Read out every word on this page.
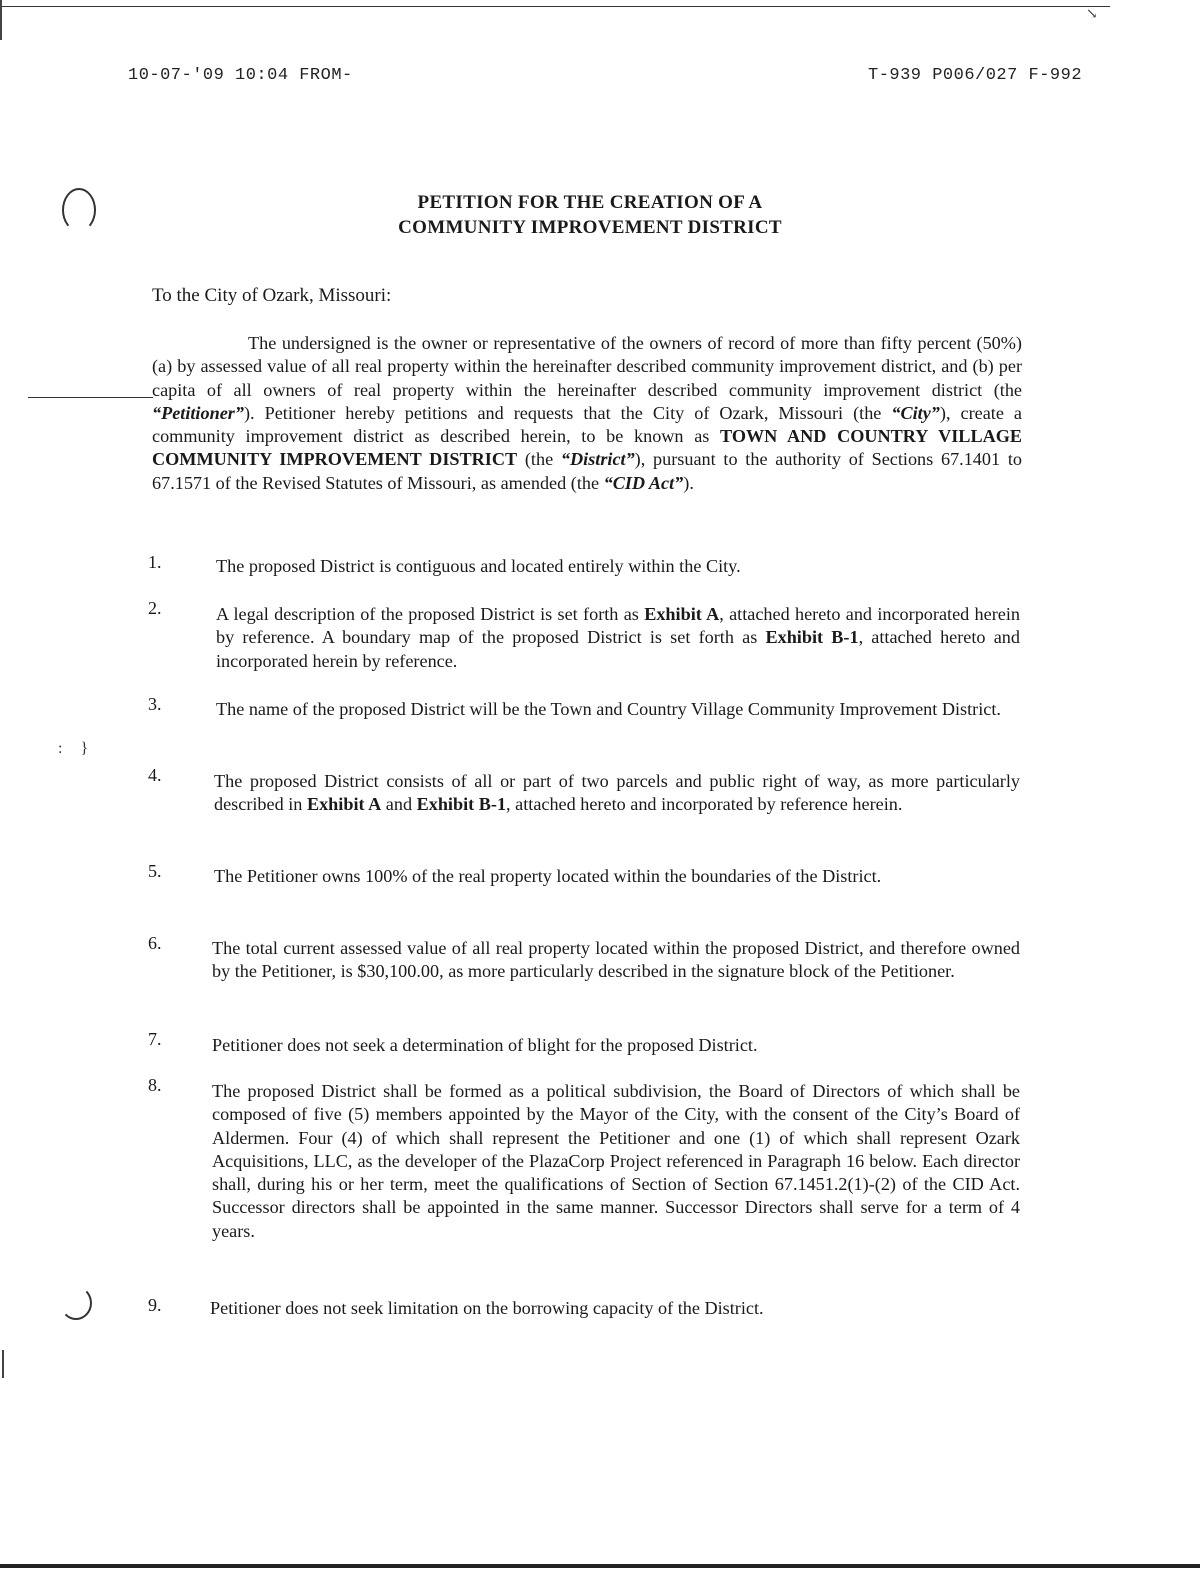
↘
:}
10-07-'09 10:04 FROM-	T-939 P006/027 F-992
PETITION FOR THE CREATION OF A
COMMUNITY IMPROVEMENT DISTRICT
To the City of Ozark, Missouri:
The undersigned is the owner or representative of the owners of record of more than fifty percent (50%) (a) by assessed value of all real property within the hereinafter described community improvement district, and (b) per capita of all owners of real property within the hereinafter described community improvement district (the “Petitioner”). Petitioner hereby petitions and requests that the City of Ozark, Missouri (the “City”), create a community improvement district as described herein, to be known as TOWN AND COUNTRY VILLAGE COMMUNITY IMPROVEMENT DISTRICT (the “District”), pursuant to the authority of Sections 67.1401 to 67.1571 of the Revised Statutes of Missouri, as amended (the “CID Act”).
1.	The proposed District is contiguous and located entirely within the City.
2.	A legal description of the proposed District is set forth as Exhibit A, attached hereto and incorporated herein by reference. A boundary map of the proposed District is set forth as Exhibit B-1, attached hereto and incorporated herein by reference.
3.	The name of the proposed District will be the Town and Country Village Community Improvement District.
4.	The proposed District consists of all or part of two parcels and public right of way, as more particularly described in Exhibit A and Exhibit B-1, attached hereto and incorporated by reference herein.
5.	The Petitioner owns 100% of the real property located within the boundaries of the District.
6.	The total current assessed value of all real property located within the proposed District, and therefore owned by the Petitioner, is $30,100.00, as more particularly described in the signature block of the Petitioner.
7.	Petitioner does not seek a determination of blight for the proposed District.
8.	The proposed District shall be formed as a political subdivision, the Board of Directors of which shall be composed of five (5) members appointed by the Mayor of the City, with the consent of the City’s Board of Aldermen. Four (4) of which shall represent the Petitioner and one (1) of which shall represent Ozark Acquisitions, LLC, as the developer of the PlazaCorp Project referenced in Paragraph 16 below. Each director shall, during his or her term, meet the qualifications of Section of Section 67.1451.2(1)-(2) of the CID Act. Successor directors shall be appointed in the same manner. Successor Directors shall serve for a term of 4 years.
9.	Petitioner does not seek limitation on the borrowing capacity of the District.
